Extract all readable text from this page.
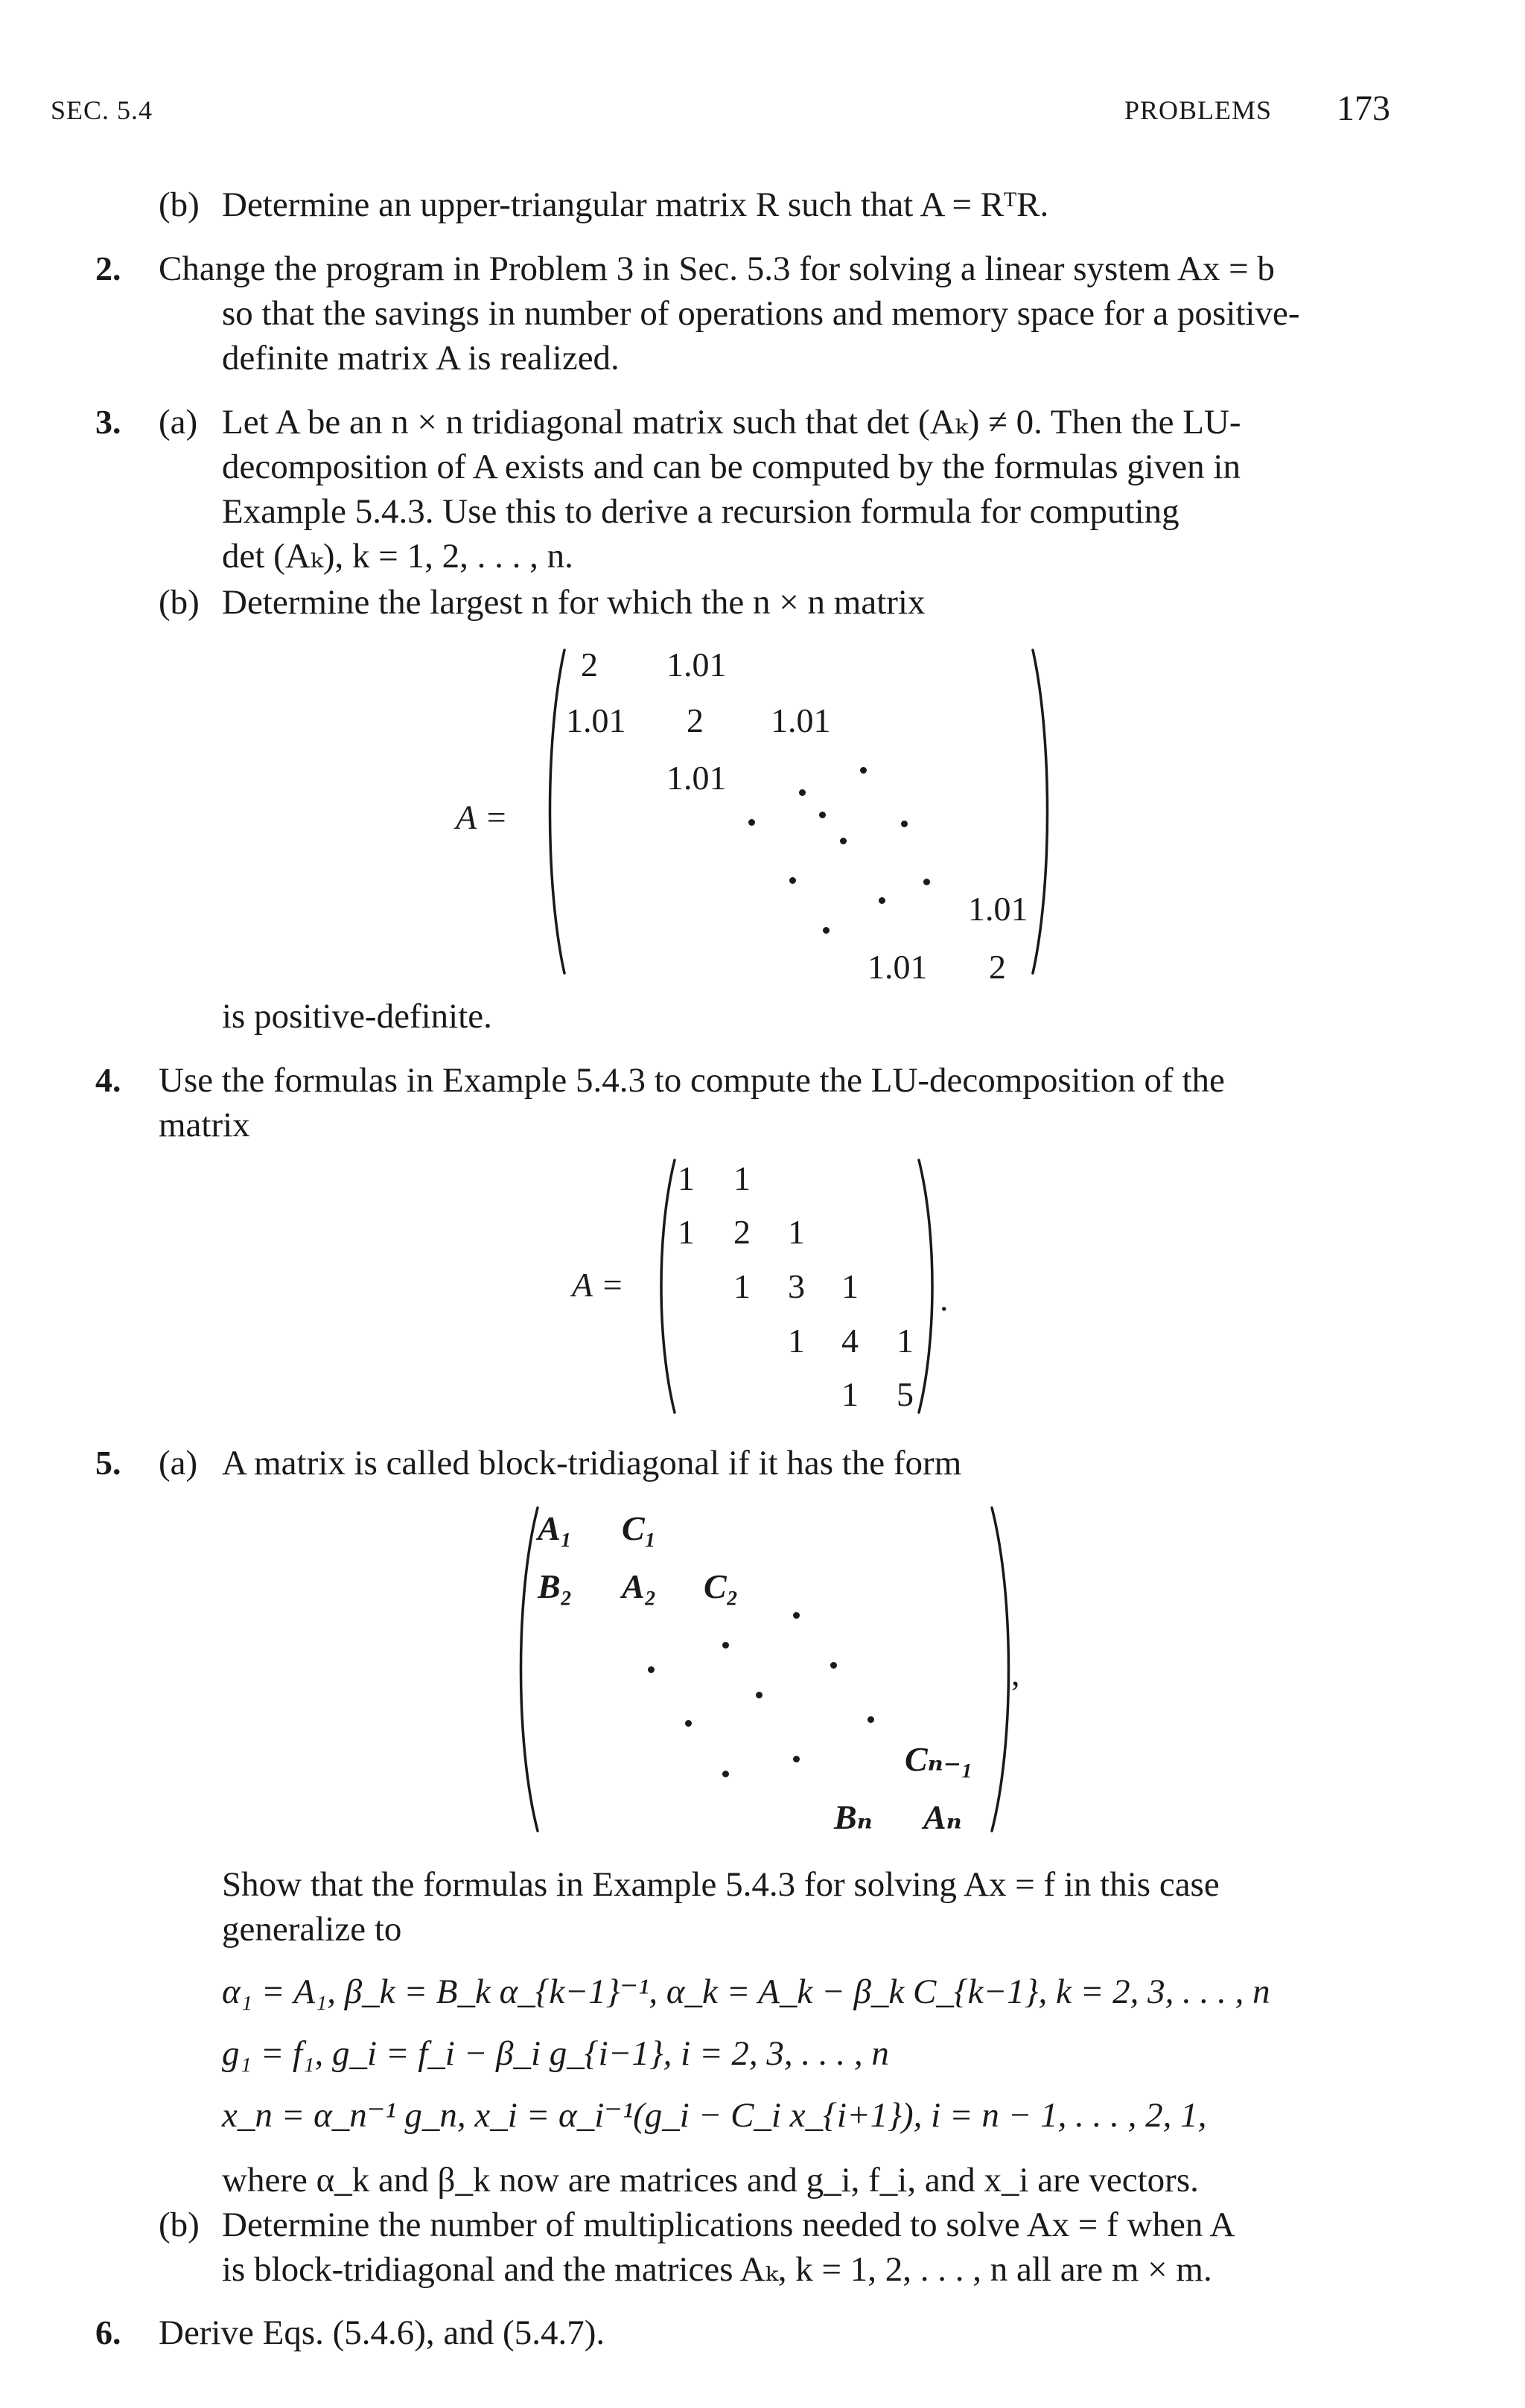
SEC. 5.4	PROBLEMS 173
(b) Determine an upper-triangular matrix R such that A = RᵀR.
2. Change the program in Problem 3 in Sec. 5.3 for solving a linear system Ax = b
so that the savings in number of operations and memory space for a positive-
definite matrix A is realized.
3. (a) Let A be an n × n tridiagonal matrix such that det (Aₖ) ≠ 0. Then the LU-
decomposition of A exists and can be computed by the formulas given in
Example 5.4.3. Use this to derive a recursion formula for computing
det (Aₖ), k = 1, 2, . . . , n.
(b) Determine the largest n for which the n × n matrix
A =
2 1.01
1.01 2 1.01
1.01
1.01
1.01 2
is positive-definite.
4. Use the formulas in Example 5.4.3 to compute the LU-decomposition of the
matrix
A =
1 1
1 2 1
1 3 1
1 4 1
1 5
.
5. (a) A matrix is called block-tridiagonal if it has the form
A₁ C₁
B₂ A₂ C₂
Cₙ₋₁
Bₙ Aₙ
,
Show that the formulas in Example 5.4.3 for solving Ax = f in this case
generalize to
α₁ = A₁, β_k = B_k α_{k−1}⁻¹, α_k = A_k − β_k C_{k−1}, k = 2, 3, . . . , n
g₁ = f₁, g_i = f_i − β_i g_{i−1}, i = 2, 3, . . . , n
x_n = α_n⁻¹ g_n, x_i = α_i⁻¹(g_i − C_i x_{i+1}), i = n − 1, . . . , 2, 1,
where α_k and β_k now are matrices and g_i, f_i, and x_i are vectors.
(b) Determine the number of multiplications needed to solve Ax = f when A
is block-tridiagonal and the matrices Aₖ, k = 1, 2, . . . , n all are m × m.
6. Derive Eqs. (5.4.6), and (5.4.7).
